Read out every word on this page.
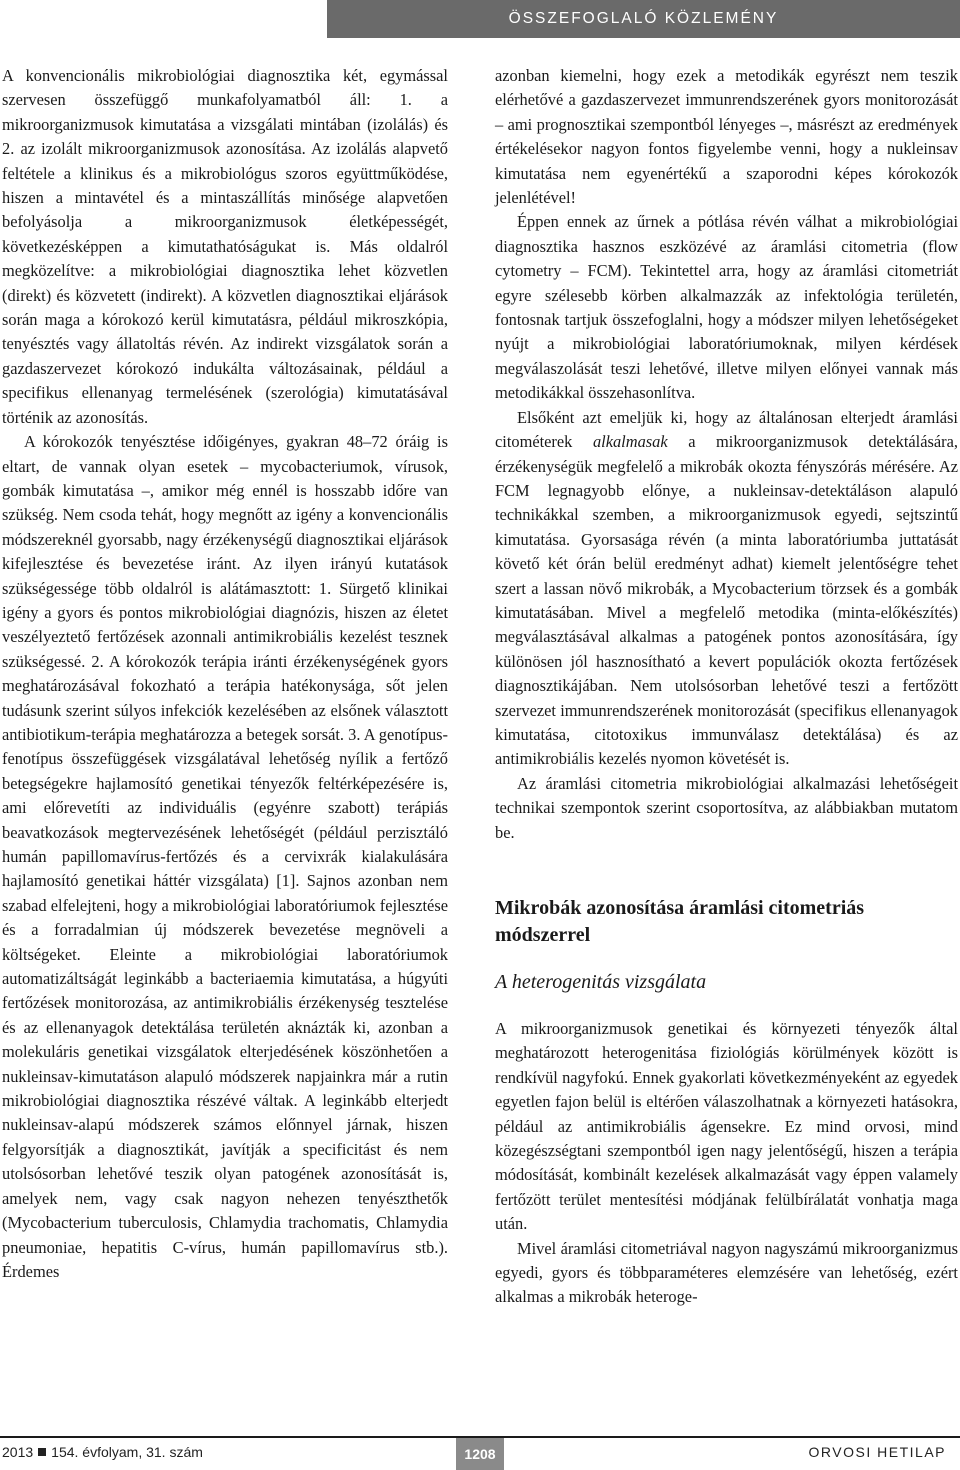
ÖSSZEFOGLALÓ KÖZLEMÉNY

A konvencionális mikrobiológiai diagnosztika két, egymással szervesen összefüggő munkafolyamatból áll: 1. a mikroorganizmusok kimutatása a vizsgálati mintában (izolálás) és 2. az izolált mikroorganizmusok azonosítása. Az izolálás alapvető feltétele a klinikus és a mikrobiológus szoros együttműködése, hiszen a mintavétel és a mintaszállítás minősége alapvetően befolyásolja a mikroorganizmusok életképességét, következésképpen a kimutathatóságukat is. Más oldalról megközelítve: a mikrobiológiai diagnosztika lehet közvetlen (direkt) és közvetett (indirekt). A közvetlen diagnosztikai eljárások során maga a kórokozó kerül kimutatásra, például mikroszkópia, tenyésztés vagy állatoltás révén. Az indirekt vizsgálatok során a gazdaszervezet kórokozó indukálta változásainak, például a specifikus ellenanyag termelésének (szerológia) kimutatásával történik az azonosítás.

A kórokozók tenyésztése időigényes, gyakran 48–72 óráig is eltart, de vannak olyan esetek – mycobacteriumok, vírusok, gombák kimutatása –, amikor még ennél is hosszabb időre van szükség. Nem csoda tehát, hogy megnőtt az igény a konvencionális módszereknél gyorsabb, nagy érzékenységű diagnosztikai eljárások kifejlesztése és bevezetése iránt. Az ilyen irányú kutatások szükségessége több oldalról is alátámasztott: 1. Sürgető klinikai igény a gyors és pontos mikrobiológiai diagnózis, hiszen az életet veszélyeztető fertőzések azonnali antimikrobiális kezelést tesznek szükségessé. 2. A kórokozók terápia iránti érzékenységének gyors meghatározásával fokozható a terápia hatékonysága, sőt jelen tudásunk szerint súlyos infekciók kezelésében az elsőnek választott antibiotikum-terápia meghatározza a betegek sorsát. 3. A genotípus-fenotípus összefüggések vizsgálatával lehetőség nyílik a fertőző betegségekre hajlamosító genetikai tényezők feltérképezésére is, ami előrevetíti az individuális (egyénre szabott) terápiás beavatkozások megtervezésének lehetőségét (például perzisztáló humán papillomavírus-fertőzés és a cervixrák kialakulására hajlamosító genetikai háttér vizsgálata) [1]. Sajnos azonban nem szabad elfelejteni, hogy a mikrobiológiai laboratóriumok fejlesztése és a forradalmian új módszerek bevezetése megnöveli a költségeket. Eleinte a mikrobiológiai laboratóriumok automatizáltságát leginkább a bacteriaemia kimutatása, a húgyúti fertőzések monitorozása, az antimikrobiális érzékenység tesztelése és az ellenanyagok detektálása területén aknázták ki, azonban a molekuláris genetikai vizsgálatok elterjedésének köszönhetően a nukleinsav-kimutatáson alapuló módszerek napjainkra már a rutin mikrobiológiai diagnosztika részévé váltak. A leginkább elterjedt nukleinsav-alapú módszerek számos előnnyel járnak, hiszen felgyorsítják a diagnosztikát, javítják a specificitást és nem utolsósorban lehetővé teszik olyan patogének azonosítását is, amelyek nem, vagy csak nagyon nehezen tenyészthetők (Mycobacterium tuberculosis, Chlamydia trachomatis, Chlamydia pneumoniae, hepatitis C-vírus, humán papillomavírus stb.). Érdemes

azonban kiemelni, hogy ezek a metodikák egyrészt nem teszik elérhetővé a gazdaszervezet immunrendszerének gyors monitorozását – ami prognosztikai szempontból lényeges –, másrészt az eredmények értékelésekor nagyon fontos figyelembe venni, hogy a nukleinsav kimutatása nem egyenértékű a szaporodni képes kórokozók jelenlétével!

Éppen ennek az űrnek a pótlása révén válhat a mikrobiológiai diagnosztika hasznos eszközévé az áramlási citometria (flow cytometry – FCM). Tekintettel arra, hogy az áramlási citometriát egyre szélesebb körben alkalmazzák az infektológia területén, fontosnak tartjuk összefoglalni, hogy a módszer milyen lehetőségeket nyújt a mikrobiológiai laboratóriumoknak, milyen kérdések megválaszolását teszi lehetővé, illetve milyen előnyei vannak más metodikákkal összehasonlítva.

Elsőként azt emeljük ki, hogy az általánosan elterjedt áramlási citométerek alkalmasak a mikroorganizmusok detektálására, érzékenységük megfelelő a mikrobák okozta fényszórás mérésére. Az FCM legnagyobb előnye, a nukleinsav-detektáláson alapuló technikákkal szemben, a mikroorganizmusok egyedi, sejtszintű kimutatása. Gyorsasága révén (a minta laboratóriumba juttatását követő két órán belül eredményt adhat) kiemelt jelentőségre tehet szert a lassan növő mikrobák, a Mycobacterium törzsek és a gombák kimutatásában. Mivel a megfelelő metodika (minta-előkészítés) megválasztásával alkalmas a patogének pontos azonosítására, így különösen jól hasznosítható a kevert populációk okozta fertőzések diagnosztikájában. Nem utolsósorban lehetővé teszi a fertőzött szervezet immunrendszerének monitorozását (specifikus ellenanyagok kimutatása, citotoxikus immunválasz detektálása) és az antimikrobiális kezelés nyomon követését is.

Az áramlási citometria mikrobiológiai alkalmazási lehetőségeit technikai szempontok szerint csoportosítva, az alábbiakban mutatom be.

Mikrobák azonosítása áramlási citometriás módszerrel
A heterogenitás vizsgálata

A mikroorganizmusok genetikai és környezeti tényezők által meghatározott heterogenitása fiziológiás körülmények között is rendkívül nagyfokú. Ennek gyakorlati következményeként az egyedek egyetlen fajon belül is eltérően válaszolhatnak a környezeti hatásokra, például az antimikrobiális ágensekre. Ez mind orvosi, mind közegészségtani szempontból igen nagy jelentőségű, hiszen a terápia módosítását, kombinált kezelések alkalmazását vagy éppen valamely fertőzött terület mentesítési módjának felülbírálatát vonhatja maga után.

Mivel áramlási citometriával nagyon nagyszámú mikroorganizmus egyedi, gyors és többparaméteres elemzésére van lehetőség, ezért alkalmas a mikrobák heteroge-

2013 154. évfolyam, 31. szám	1208	ORVOSI HETILAP
